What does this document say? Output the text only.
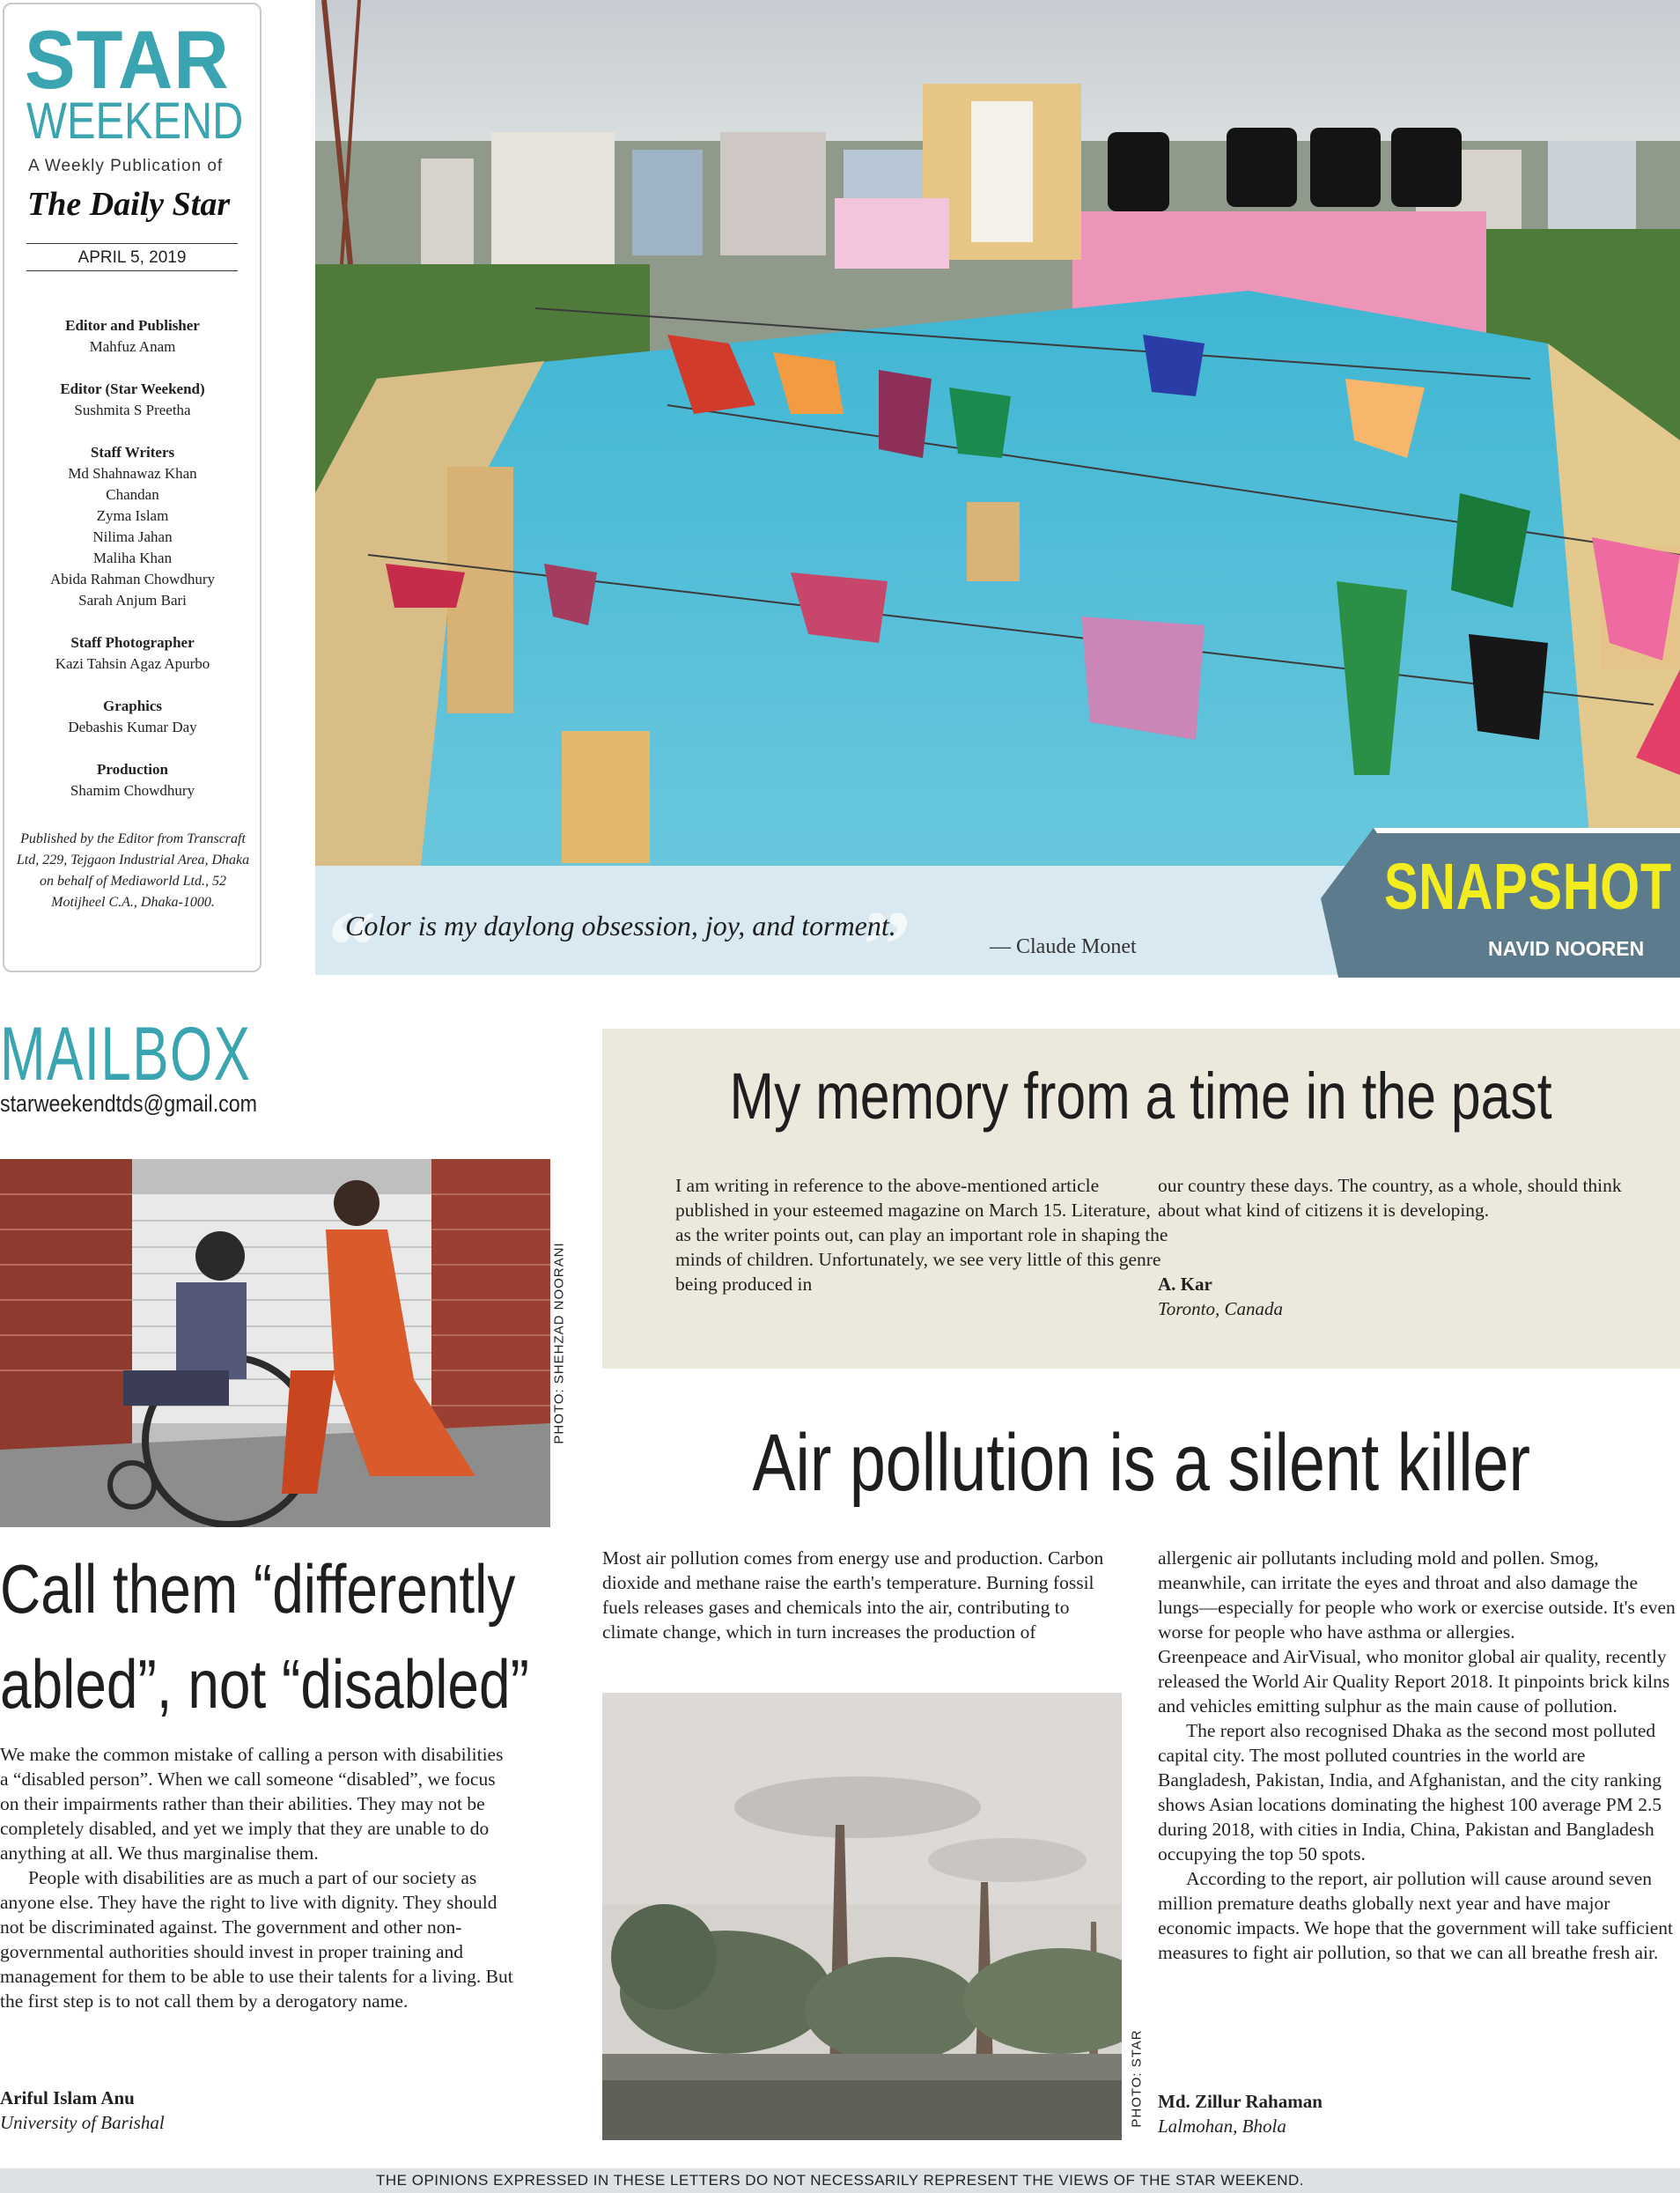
STAR
WEEKEND
A Weekly Publication of
The Daily Star
APRIL 5, 2019
Editor and Publisher
Mahfuz Anam
Editor (Star Weekend)
Sushmita S Preetha
Staff Writers
Md Shahnawaz Khan
Chandan
Zyma Islam
Nilima Jahan
Maliha Khan
Abida Rahman Chowdhury
Sarah Anjum Bari
Staff Photographer
Kazi Tahsin Agaz Apurbo
Graphics
Debashis Kumar Day
Production
Shamim Chowdhury
Published by the Editor from Transcraft Ltd, 229, Tejgaon Industrial Area, Dhaka on behalf of Mediaworld Ltd., 52 Motijheel C.A., Dhaka-1000.	“	”
Color is my daylong obsession, joy, and torment.
— Claude Monet
SNAPSHOT
NAVID NOOREN
MAILBOX
starweekendtds@gmail.com
PHOTO: SHEHZAD NOORANI
Call them “differently abled”, not “disabled”

We make the common mistake of calling a person with disabilities a “disabled person”. When we call someone “disabled”, we focus on their impairments rather than their abilities. They may not be completely disabled, and yet we imply that they are unable to do anything at all. We thus marginalise them.

People with disabilities are as much a part of our society as anyone else. They have the right to live with dignity. They should not be discriminated against. The government and other non-governmental authorities should invest in proper training and management for them to be able to use their talents for a living. But the first step is to not call them by a derogatory name.

Ariful Islam Anu
University of Barishal
My memory from a time in the past
I am writing in reference to the above-mentioned article published in your esteemed magazine on March 15. Literature, as the writer points out, can play an important role in shaping the minds of children. Unfortunately, we see very little of this genre being produced in
our country these days. The country, as a whole, should think about what kind of citizens it is developing.
A. Kar
Toronto, Canada
Air pollution is a silent killer
Most air pollution comes from energy use and production. Carbon dioxide and methane raise the earth's temperature. Burning fossil fuels releases gases and chemicals into the air, contributing to climate change, which in turn increases the production of
PHOTO: STAR

allergenic air pollutants including mold and pollen. Smog, meanwhile, can irritate the eyes and throat and also damage the lungs—especially for people who work or exercise outside. It's even worse for people who have asthma or allergies.

Greenpeace and AirVisual, who monitor global air quality, recently released the World Air Quality Report 2018. It pinpoints brick kilns and vehicles emitting sulphur as the main cause of pollution.

The report also recognised Dhaka as the second most polluted capital city. The most polluted countries in the world are Bangladesh, Pakistan, India, and Afghanistan, and the city ranking shows Asian locations dominating the highest 100 average PM 2.5 during 2018, with cities in India, China, Pakistan and Bangladesh occupying the top 50 spots.

According to the report, air pollution will cause around seven million premature deaths globally next year and have major economic impacts. We hope that the government will take sufficient measures to fight air pollution, so that we can all breathe fresh air.

Md. Zillur Rahaman
Lalmohan, Bhola
THE OPINIONS EXPRESSED IN THESE LETTERS DO NOT NECESSARILY REPRESENT THE VIEWS OF THE STAR WEEKEND.
